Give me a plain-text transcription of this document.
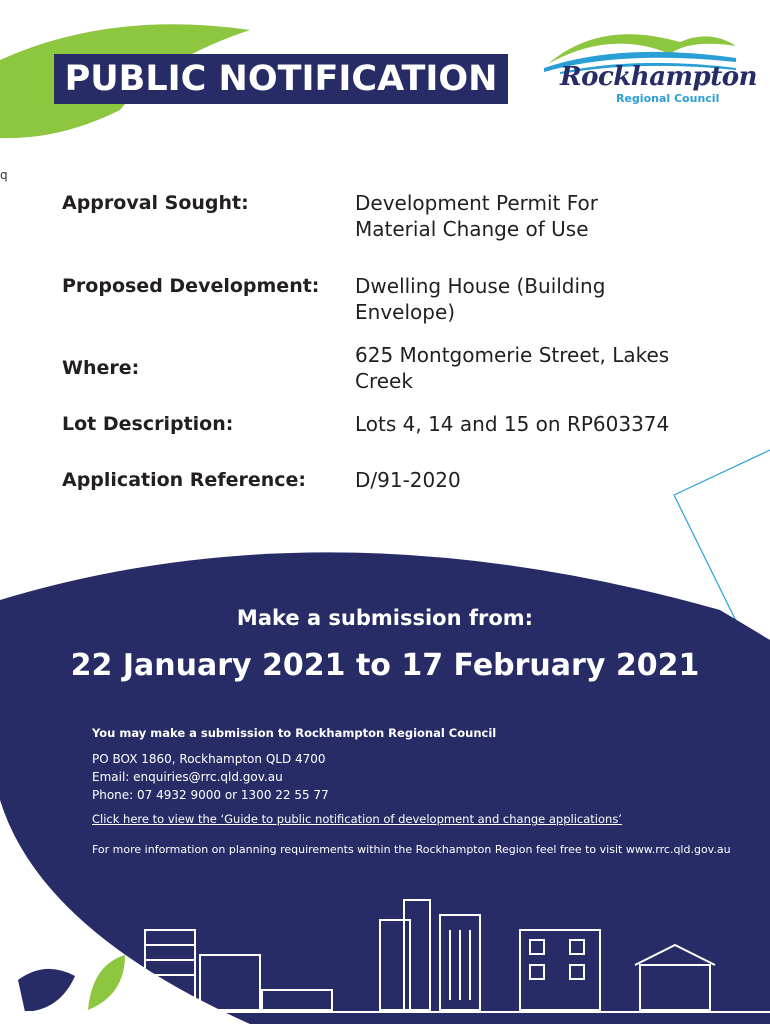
PUBLIC NOTIFICATION	Rockhampton
Regional Council
q
Approval Sought:	Development Permit For
Material Change of Use
Proposed Development: Dwelling House (Building
Envelope)
Where:
625 Montgomerie Street, Lakes
Creek
Lot Description:	Lots 4, 14 and 15 on RP603374
Application Reference: D/91-2020
Make a submission from:
22 January 2021 to 17 February 2021
You may make a submission to Rockhampton Regional Council
PO BOX 1860, Rockhampton QLD 4700
Email: enquiries@rrc.qld.gov.au
Phone: 07 4932 9000 or 1300 22 55 77
Click here to view the ‘Guide to public notification of development and change applications’
For more information on planning requirements within the Rockhampton Region feel free to visit www.rrc.qld.gov.au
